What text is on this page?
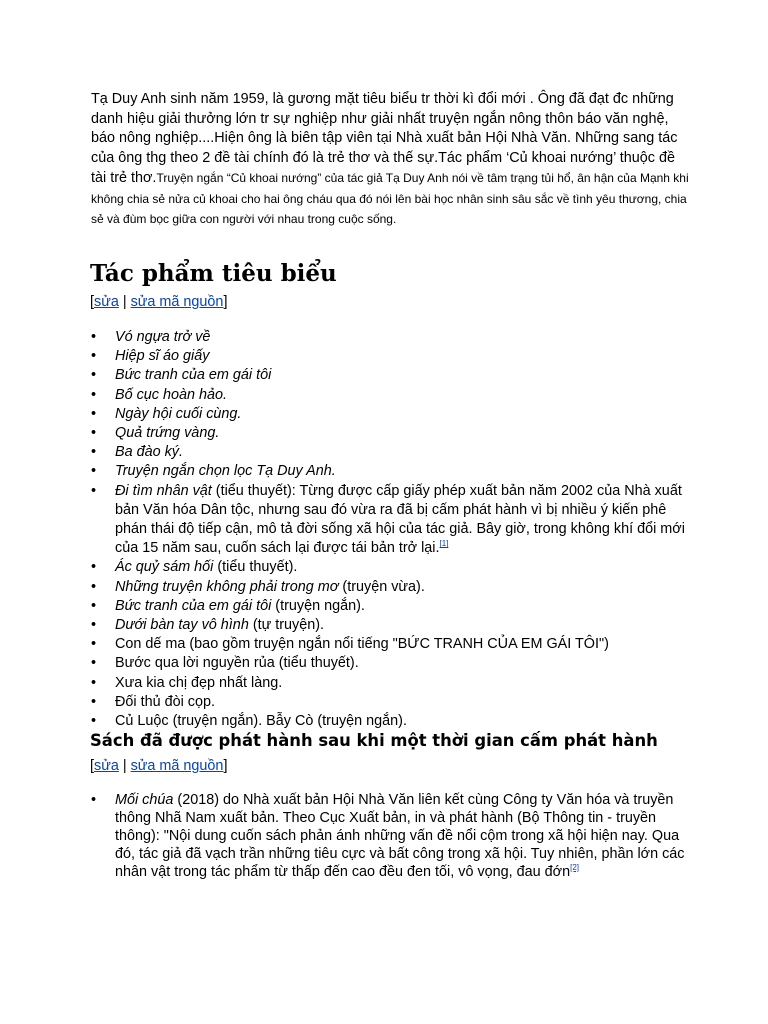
Tạ Duy Anh sinh năm 1959, là gương mặt tiêu biểu tr thời kì đổi mới . Ông đã đạt đc những danh hiệu giải thưởng lớn tr sự nghiệp như giải nhất truyện ngắn nông thôn báo văn nghệ, báo nông nghiệp....Hiện ông là biên tập viên tại Nhà xuất bản Hội Nhà Văn. Những sang tác của ông thg theo 2 đề tài chính đó là trẻ thơ và thế sự.Tác phẩm ‘Củ khoai nướng’ thuộc đề tài trẻ thơ.Truyện ngắn “Củ khoai nướng” của tác giả Tạ Duy Anh nói về tâm trạng tủi hổ, ân hận của Mạnh khi không chia sẻ nửa củ khoai cho hai ông cháu qua đó nói lên bài học nhân sinh sâu sắc về tình yêu thương, chia sẻ và đùm bọc giữa con người với nhau trong cuộc sống.
Tác phẩm tiêu biểu
[sửa | sửa mã nguồn]
• Vó ngựa trở về
• Hiệp sĩ áo giấy
• Bức tranh của em gái tôi
• Bố cục hoàn hảo.
• Ngày hội cuối cùng.
• Quả trứng vàng.
• Ba đào ký.
• Truyện ngắn chọn lọc Tạ Duy Anh.
• Đi tìm nhân vật (tiểu thuyết): Từng được cấp giấy phép xuất bản năm 2002 của Nhà xuất bản Văn hóa Dân tộc, nhưng sau đó vừa ra đã bị cấm phát hành vì bị nhiều ý kiến phê phán thái độ tiếp cận, mô tả đời sống xã hội của tác giả. Bây giờ, trong không khí đổi mới của 15 năm sau, cuốn sách lại được tái bản trở lại.[1]
• Ác quỷ sám hối (tiểu thuyết).
• Những truyện không phải trong mơ (truyện vừa).
• Bức tranh của em gái tôi (truyện ngắn).
• Dưới bàn tay vô hình (tự truyện).
• Con dế ma (bao gồm truyện ngắn nổi tiếng "BỨC TRANH CỦA EM GÁI TÔI")
• Bước qua lời nguyền rủa (tiểu thuyết).
• Xưa kia chị đẹp nhất làng.
• Đối thủ đòi cọp.
• Củ Luộc (truyện ngắn). Bẫy Cò (truyện ngắn).
Sách đã được phát hành sau khi một thời gian cấm phát hành
[sửa | sửa mã nguồn]
• Mối chúa (2018) do Nhà xuất bản Hội Nhà Văn liên kết cùng Công ty Văn hóa và truyền thông Nhã Nam xuất bản. Theo Cục Xuất bản, in và phát hành (Bộ Thông tin - truyền thông): "Nội dung cuốn sách phản ánh những vấn đề nổi cộm trong xã hội hiện nay. Qua đó, tác giả đã vạch trần những tiêu cực và bất công trong xã hội. Tuy nhiên, phần lớn các nhân vật trong tác phẩm từ thấp đến cao đều đen tối, vô vọng, đau đớn[2]
